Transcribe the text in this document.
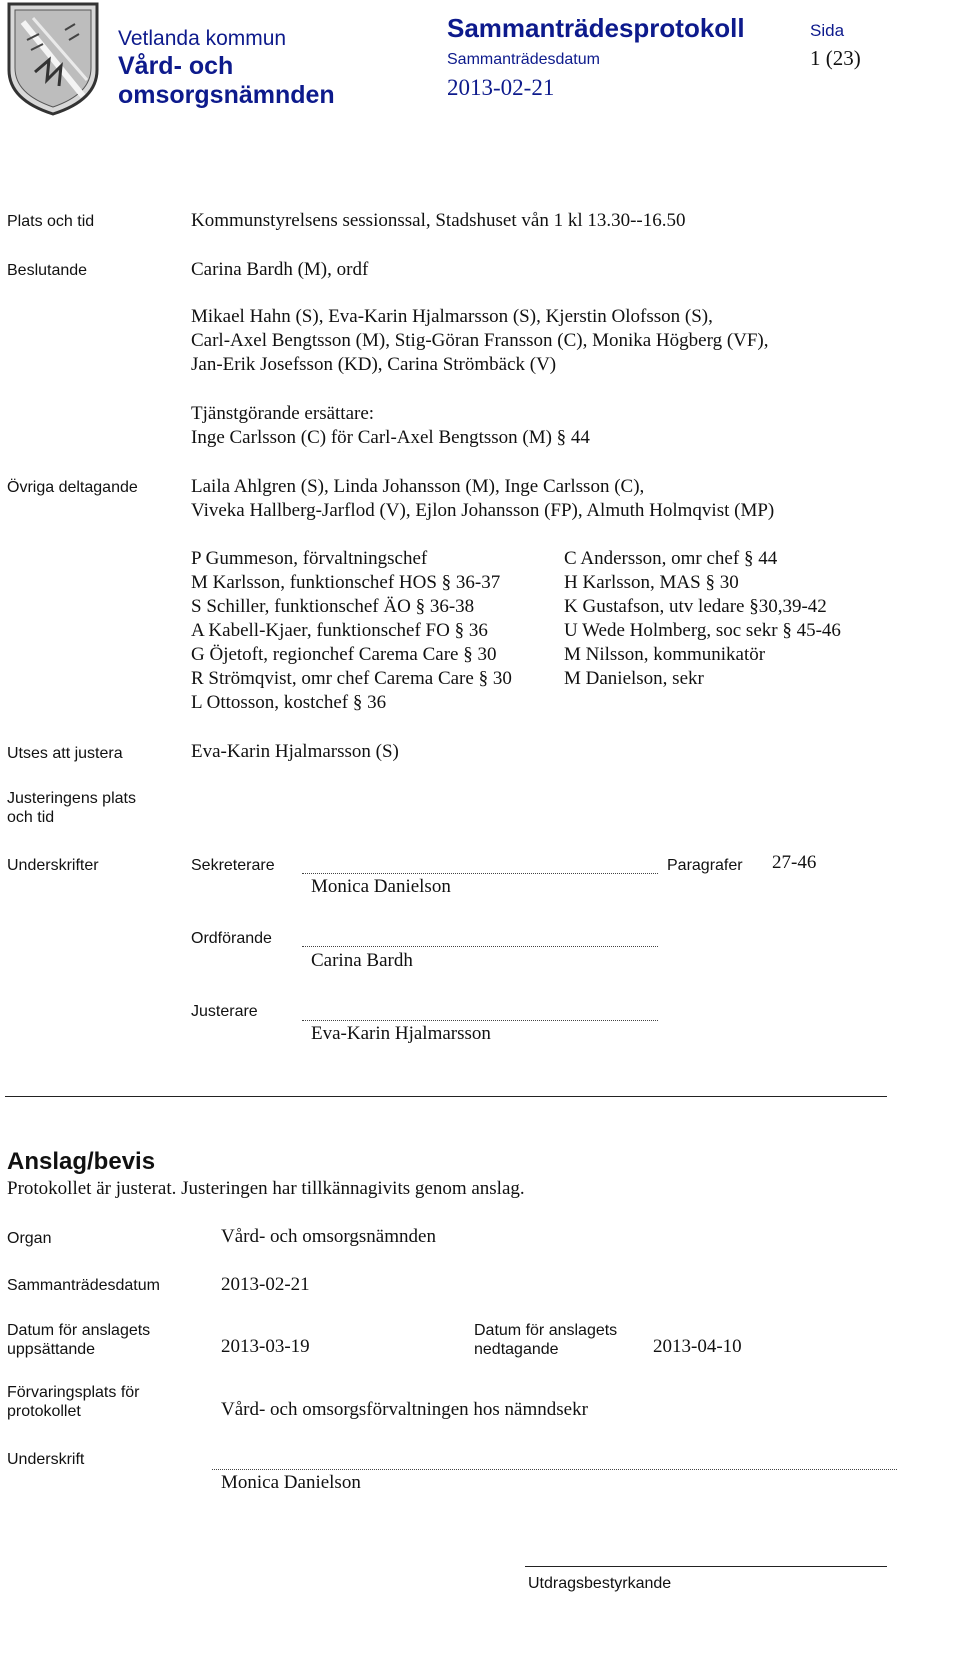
Vetlanda kommun
Vård- och
omsorgsnämnden
Sammanträdesprotokoll
Sammanträdesdatum
2013-02-21
Sida
1 (23)
Plats och tid	Kommunstyrelsens sessionssal, Stadshuset vån 1 kl 13.30--16.50
Beslutande	Carina Bardh (M), ordf
Mikael Hahn (S), Eva-Karin Hjalmarsson (S), Kjerstin Olofsson (S),
Carl-Axel Bengtsson (M), Stig-Göran Fransson (C), Monika Högberg (VF),
Jan-Erik Josefsson (KD), Carina Strömbäck (V)
Tjänstgörande ersättare:
Inge Carlsson (C) för Carl-Axel Bengtsson (M) § 44
Övriga deltagande	Laila Ahlgren (S), Linda Johansson (M), Inge Carlsson (C),
Viveka Hallberg-Jarflod (V), Ejlon Johansson (FP), Almuth Holmqvist (MP)
P Gummeson, förvaltningschef
M Karlsson, funktionschef HOS § 36-37
S Schiller, funktionschef ÄO § 36-38
A Kabell-Kjaer, funktionschef FO § 36
G Öjetoft, regionchef Carema Care § 30
R Strömqvist, omr chef Carema Care § 30
L Ottosson, kostchef § 36
C Andersson, omr chef § 44
H Karlsson, MAS § 30
K Gustafson, utv ledare §30,39-42
U Wede Holmberg, soc sekr § 45-46
M Nilsson, kommunikatör
M Danielson, sekr
Utses att justera	Eva-Karin Hjalmarsson (S)
Justeringens plats
och tid
Underskrifter	Sekreterare
Monica Danielson
Paragrafer 27-46
Ordförande
Carina Bardh
Justerare
Eva-Karin Hjalmarsson
Anslag/bevis
Protokollet är justerat. Justeringen har tillkännagivits genom anslag.
Organ	Vård- och omsorgsnämnden
Sammanträdesdatum	2013-02-21
Datum för anslagets
uppsättande	2013-03-19
Datum för anslagets
nedtagande	2013-04-10
Förvaringsplats för
protokollet	Vård- och omsorgsförvaltningen hos nämndsekr
Underskrift
Monica Danielson
Utdragsbestyrkande
